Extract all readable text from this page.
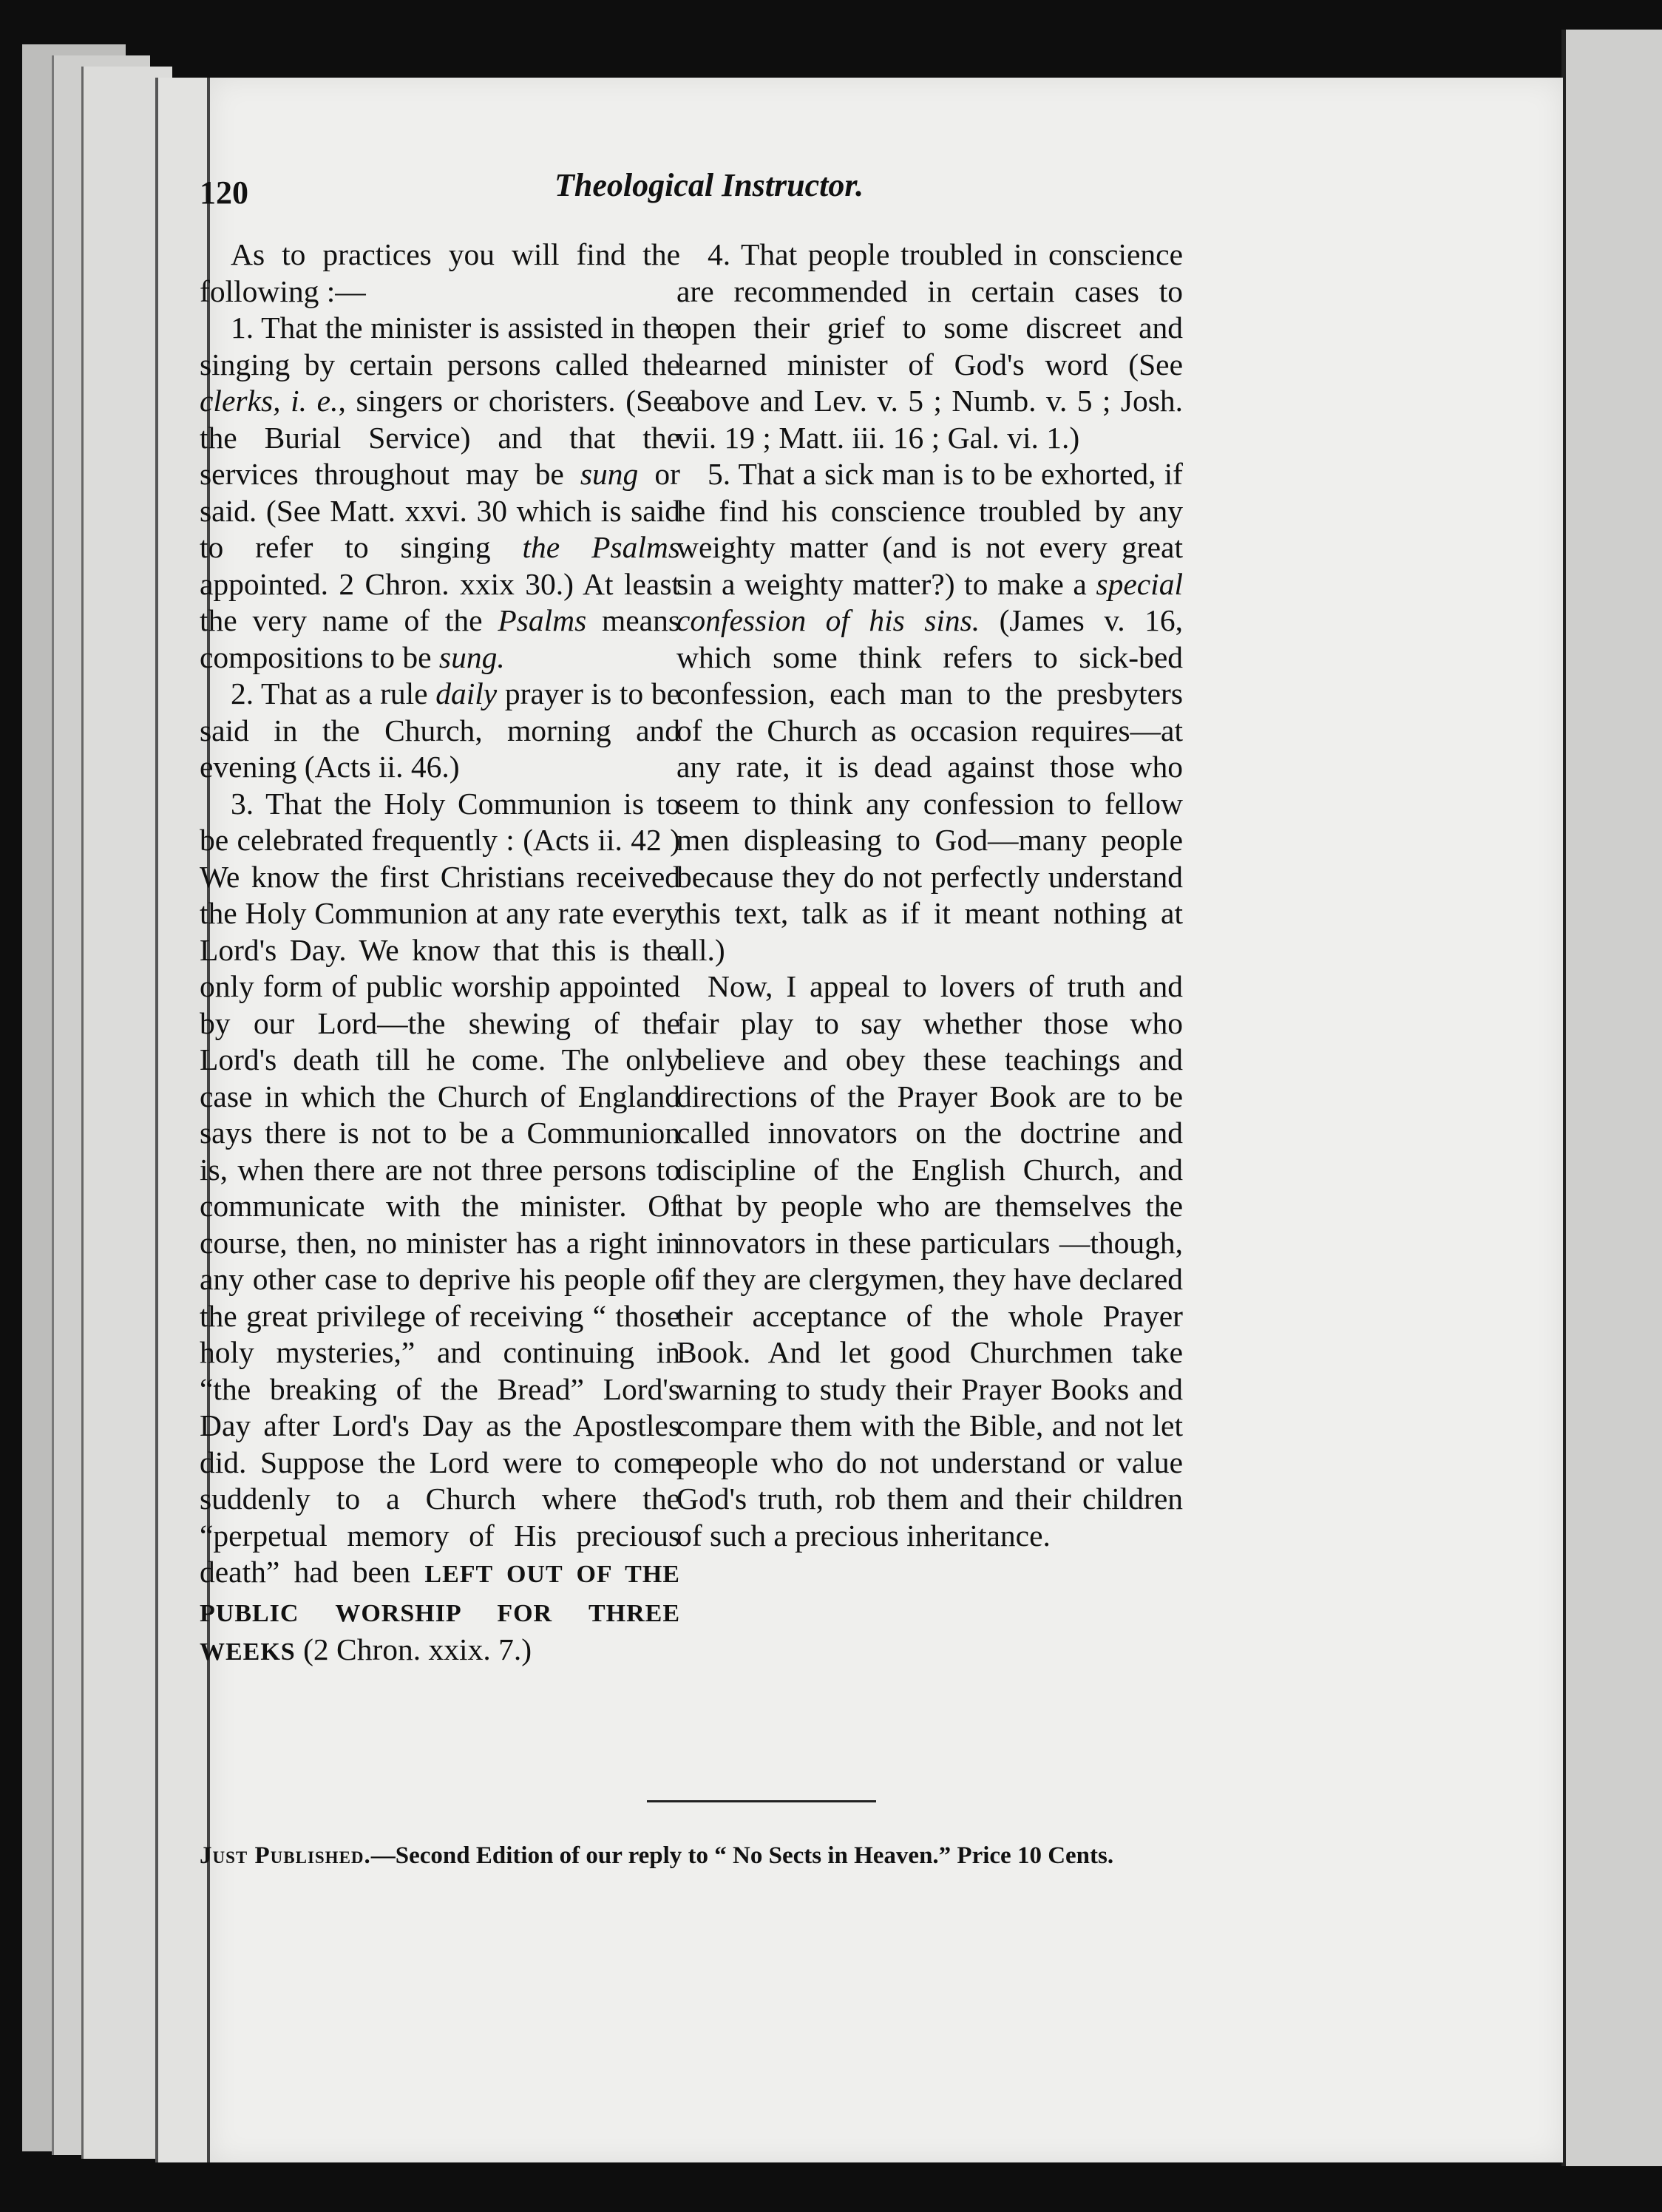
120	Theological Instructor.

As to practices you will find the following :—

1. That the minister is assisted in the singing by certain persons called the clerks, i. e., singers or choristers. (See the Burial Service) and that the services throughout may be sung or said. (See Matt. xxvi. 30 which is said to refer to singing the Psalms appointed. 2 Chron. xxix 30.) At least the very name of the Psalms means compositions to be sung.

2. That as a rule daily prayer is to be said in the Church, morning and evening (Acts ii. 46.)

3. That the Holy Communion is to be celebrated frequently : (Acts ii. 42 ) We know the first Christians received the Holy Communion at any rate every Lord's Day. We know that this is the only form of public worship appointed by our Lord—the shewing of the Lord's death till he come. The only case in which the Church of England says there is not to be a Communion is, when there are not three persons to communicate with the minister. Of course, then, no minister has a right in any other case to deprive his people of the great privilege of receiving “ those holy mysteries,” and continuing in “the breaking of the Bread” Lord's Day after Lord's Day as the Apostles did. Suppose the Lord were to come suddenly to a Church where the “perpetual memory of His precious death” had been LEFT OUT OF THE PUBLIC WORSHIP FOR THREE WEEKS (2 Chron. xxix. 7.)

4. That people troubled in conscience are recommended in certain cases to open their grief to some discreet and learned minister of God's word (See above and Lev. v. 5 ; Numb. v. 5 ; Josh. vii. 19 ; Matt. iii. 16 ; Gal. vi. 1.)

5. That a sick man is to be exhorted, if he find his conscience troubled by any weighty matter (and is not every great sin a weighty matter?) to make a special confession of his sins. (James v. 16, which some think refers to sick-bed confession, each man to the presbyters of the Church as occasion requires—at any rate, it is dead against those who seem to think any confession to fellow men displeasing to God—many people because they do not perfectly understand this text, talk as if it meant nothing at all.)

Now, I appeal to lovers of truth and fair play to say whether those who believe and obey these teachings and directions of the Prayer Book are to be called innovators on the doctrine and discipline of the English Church, and that by people who are themselves the innovators in these particulars —though, if they are clergymen, they have declared their acceptance of the whole Prayer Book. And let good Churchmen take warning to study their Prayer Books and compare them with the Bible, and not let people who do not understand or value God's truth, rob them and their children of such a precious inheritance.

Just Published.—Second Edition of our reply to “ No Sects in Heaven.” Price 10 Cents.
